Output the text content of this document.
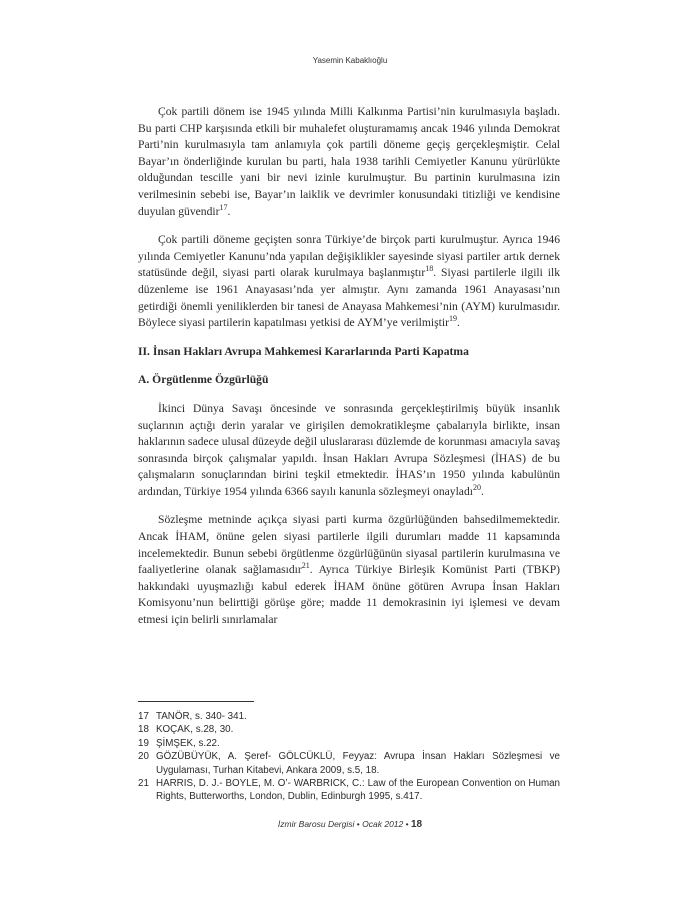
Yasemin Kabaklıoğlu

Çok partili dönem ise 1945 yılında Milli Kalkınma Partisi’nin kurulmasıyla başladı. Bu parti CHP karşısında etkili bir muhalefet oluşturamamış ancak 1946 yılında Demokrat Parti’nin kurulmasıyla tam anlamıyla çok partili döneme geçiş gerçekleşmiştir. Celal Bayar’ın önderliğinde kurulan bu parti, hala 1938 tarihli Cemiyetler Kanunu yürürlükte olduğundan tescille yani bir nevi izinle kurulmuştur. Bu partinin kurulmasına izin verilmesinin sebebi ise, Bayar’ın laiklik ve devrimler konusundaki titizliği ve kendisine duyulan güvendir$^{17}$.

Çok partili döneme geçişten sonra Türkiye’de birçok parti kurulmuştur. Ayrıca 1946 yılında Cemiyetler Kanunu’nda yapılan değişiklikler sayesinde siyasi partiler artık dernek statüsünde değil, siyasi parti olarak kurulmaya başlanmıştır$^{18}$. Siyasi partilerle ilgili ilk düzenleme ise 1961 Anayasası’nda yer almıştır. Aynı zamanda 1961 Anayasası’nın getirdiği önemli yeniliklerden bir tanesi de Anayasa Mahkemesi’nin (AYM) kurulmasıdır. Böylece siyasi partilerin kapatılması yetkisi de AYM’ye verilmiştir$^{19}$.

II. İnsan Hakları Avrupa Mahkemesi Kararlarında Parti Kapatma

A. Örgütlenme Özgürlüğü

İkinci Dünya Savaşı öncesinde ve sonrasında gerçekleştirilmiş büyük insanlık suçlarının açtığı derin yaralar ve girişilen demokratikleşme çabalarıyla birlikte, insan haklarının sadece ulusal düzeyde değil uluslararası düzlemde de korunması amacıyla savaş sonrasında birçok çalışmalar yapıldı. İnsan Hakları Avrupa Sözleşmesi (İHAS) de bu çalışmaların sonuçlarından birini teşkil etmektedir. İHAS’ın 1950 yılında kabulünün ardından, Türkiye 1954 yılında 6366 sayılı kanunla sözleşmeyi onayladı$^{20}$.

Sözleşme metninde açıkça siyasi parti kurma özgürlüğünden bahsedilmemektedir. Ancak İHAM, önüne gelen siyasi partilerle ilgili durumları madde 11 kapsamında incelemektedir. Bunun sebebi örgütlenme özgürlüğünün siyasal partilerin kurulmasına ve faaliyetlerine olanak sağlamasıdır$^{21}$. Ayrıca Türkiye Birleşik Komünist Parti (TBKP) hakkındaki uyuşmazlığı kabul ederek İHAM önüne götüren Avrupa İnsan Hakları Komisyonu’nun belirttiği görüşe göre; madde 11 demokrasinin iyi işlemesi ve devam etmesi için belirli sınırlamalar

17 TANÖR, s. 340- 341.
18 KOÇAK, s.28, 30.
19 ŞİMŞEK, s.22.
20 GÖZÜBÜYÜK, A. Şeref- GÖLCÜKLÜ, Feyyaz: Avrupa İnsan Hakları Sözleşmesi ve Uygulaması, Turhan Kitabevi, Ankara 2009, s.5, 18.
21 HARRIS, D. J.- BOYLE, M. O’- WARBRICK, C.: Law of the European Convention on Human Rights, Butterworths, London, Dublin, Edinburgh 1995, s.417.
İzmir Barosu Dergisi • Ocak 2012 • 18
